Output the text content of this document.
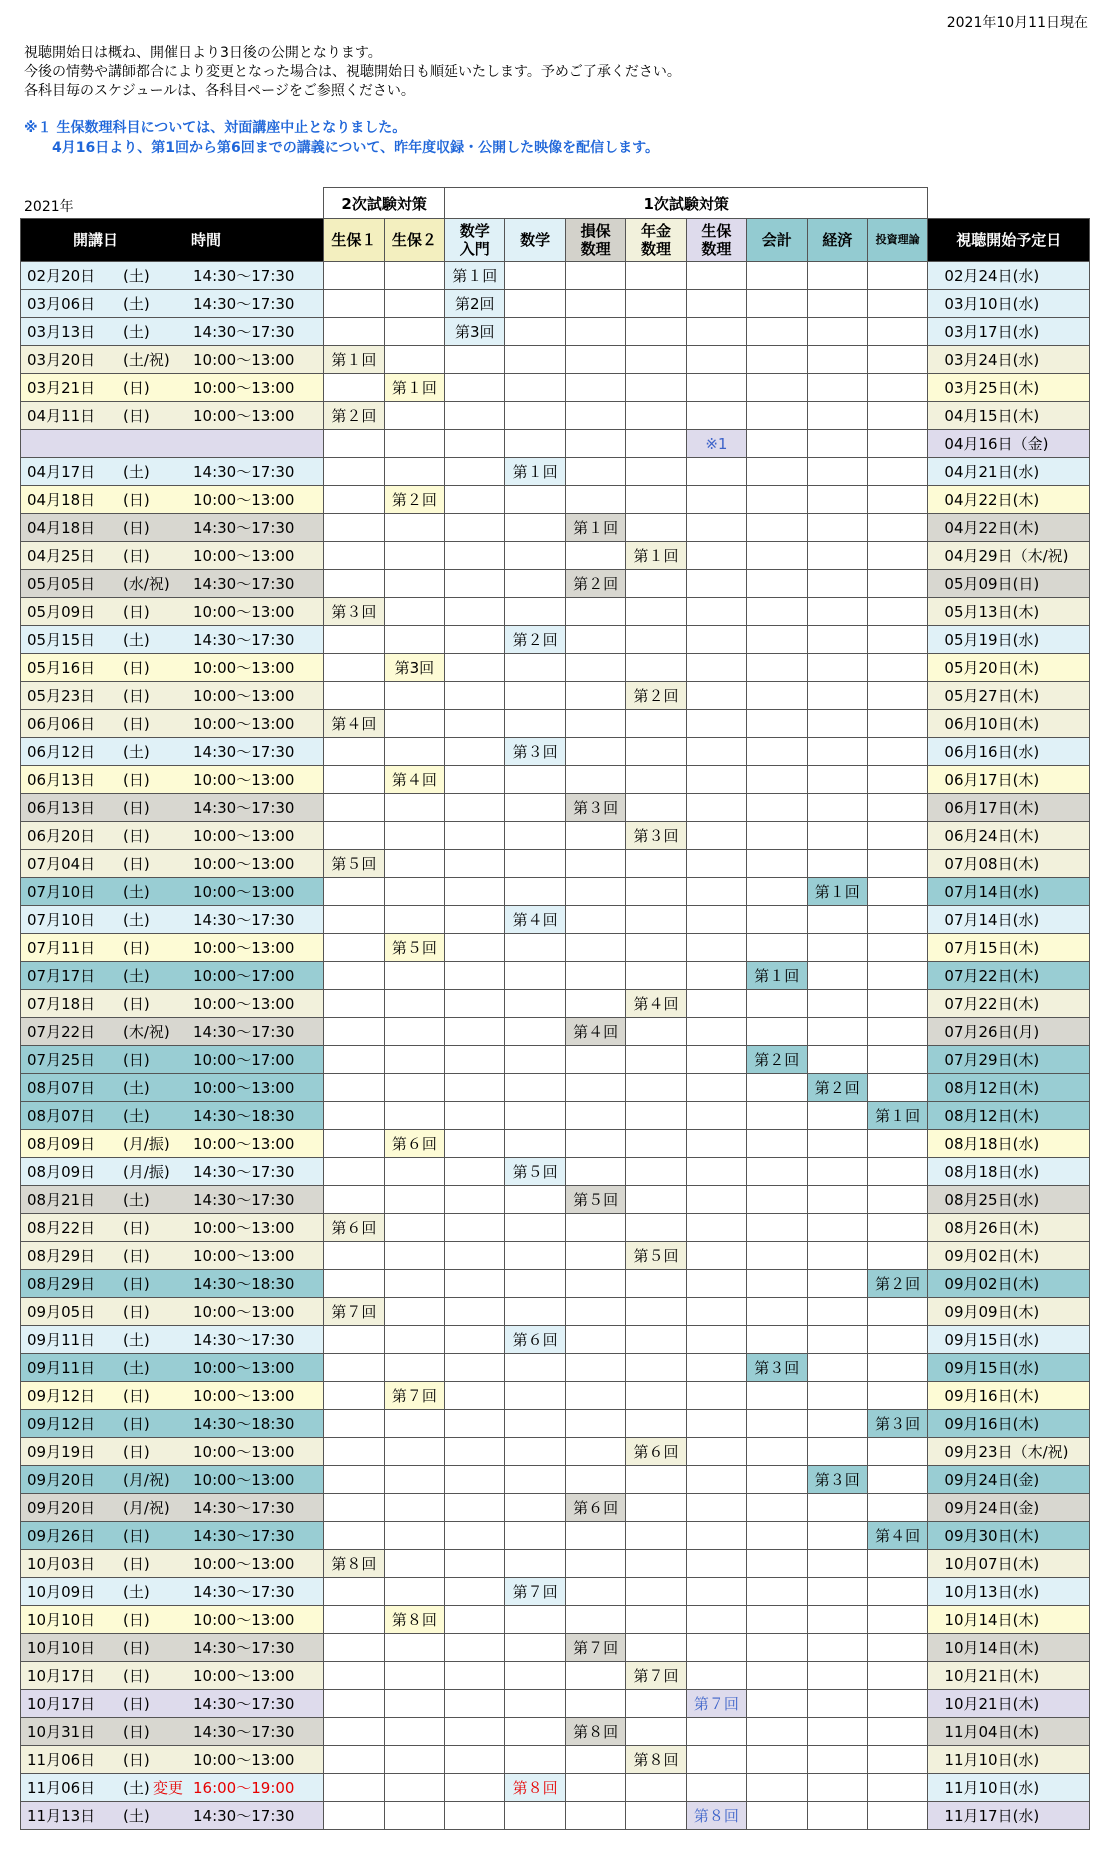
2021年10月11日現在
視聴開始日は概ね、開催日より3日後の公開となります。
今後の情勢や講師都合により変更となった場合は、視聴開始日も順延いたします。予めご了承ください。
各科目毎のスケジュールは、各科目ページをご参照ください。
※１ 生保数理科目については、対面講座中止となりました。
　　4月16日より、第1回から第6回までの講義について、昨年度収録・公開した映像を配信します。
2021年
		2次試験対策		1次試験対策								
開講日 時間	生保１	生保２	数学
入門	数学	損保
数理	年金
数理	生保
数理	会計	経済	投資理論	視聴開始予定日
02月20日 (土) 14:30～17:30			第１回								02月24日(水)
03月06日 (土) 14:30～17:30			第2回								03月10日(水)
03月13日 (土) 14:30～17:30			第3回								03月17日(水)
03月20日 (土/祝) 10:00～13:00	第１回										03月24日(水)
03月21日 (日) 10:00～13:00		第１回									03月25日(木)
04月11日 (日) 10:00～13:00	第２回										04月15日(木)
							※1				04月16日（金)
04月17日 (土) 14:30～17:30				第１回							04月21日(水)
04月18日 (日) 10:00～13:00		第２回									04月22日(木)
04月18日 (日) 14:30～17:30					第１回						04月22日(木)
04月25日 (日) 10:00～13:00						第１回					04月29日（木/祝)
05月05日 (水/祝) 14:30～17:30					第２回						05月09日(日)
05月09日 (日) 10:00～13:00	第３回										05月13日(木)
05月15日 (土) 14:30～17:30				第２回							05月19日(水)
05月16日 (日) 10:00～13:00		第3回									05月20日(木)
05月23日 (日) 10:00～13:00						第２回					05月27日(木)
06月06日 (日) 10:00～13:00	第４回										06月10日(木)
06月12日 (土) 14:30～17:30				第３回							06月16日(水)
06月13日 (日) 10:00～13:00		第４回									06月17日(木)
06月13日 (日) 14:30～17:30					第３回						06月17日(木)
06月20日 (日) 10:00～13:00						第３回					06月24日(木)
07月04日 (日) 10:00～13:00	第５回										07月08日(木)
07月10日 (土) 10:00～13:00									第１回		07月14日(水)
07月10日 (土) 14:30～17:30				第４回							07月14日(水)
07月11日 (日) 10:00～13:00		第５回									07月15日(木)
07月17日 (土) 10:00～17:00								第１回			07月22日(木)
07月18日 (日) 10:00～13:00						第４回					07月22日(木)
07月22日 (木/祝) 14:30～17:30					第４回						07月26日(月)
07月25日 (日) 10:00～17:00								第２回			07月29日(木)
08月07日 (土) 10:00～13:00									第２回		08月12日(木)
08月07日 (土) 14:30～18:30										第１回	08月12日(木)
08月09日 (月/振) 10:00～13:00		第６回									08月18日(水)
08月09日 (月/振) 14:30～17:30				第５回							08月18日(水)
08月21日 (土) 14:30～17:30					第５回						08月25日(水)
08月22日 (日) 10:00～13:00	第６回										08月26日(木)
08月29日 (日) 10:00～13:00						第５回					09月02日(木)
08月29日 (日) 14:30～18:30										第２回	09月02日(木)
09月05日 (日) 10:00～13:00	第７回										09月09日(木)
09月11日 (土) 14:30～17:30				第６回							09月15日(水)
09月11日 (土) 10:00～13:00								第３回			09月15日(水)
09月12日 (日) 10:00～13:00		第７回									09月16日(木)
09月12日 (日) 14:30～18:30										第３回	09月16日(木)
09月19日 (日) 10:00～13:00						第６回					09月23日（木/祝)
09月20日 (月/祝) 10:00～13:00									第３回		09月24日(金)
09月20日 (月/祝) 14:30～17:30					第６回						09月24日(金)
09月26日 (日) 14:30～17:30										第４回	09月30日(木)
10月03日 (日) 10:00～13:00	第８回										10月07日(木)
10月09日 (土) 14:30～17:30				第７回							10月13日(水)
10月10日 (日) 10:00～13:00		第８回									10月14日(木)
10月10日 (日) 14:30～17:30					第７回						10月14日(木)
10月17日 (日) 10:00～13:00						第７回					10月21日(木)
10月17日 (日) 14:30～17:30							第７回				10月21日(木)
10月31日 (日) 14:30～17:30					第８回						11月04日(木)
11月06日 (日) 10:00～13:00						第８回					11月10日(水)
11月06日 (土) 変更 16:00～19:00				第８回							11月10日(水)
11月13日 (土) 14:30～17:30							第８回				11月17日(水)
